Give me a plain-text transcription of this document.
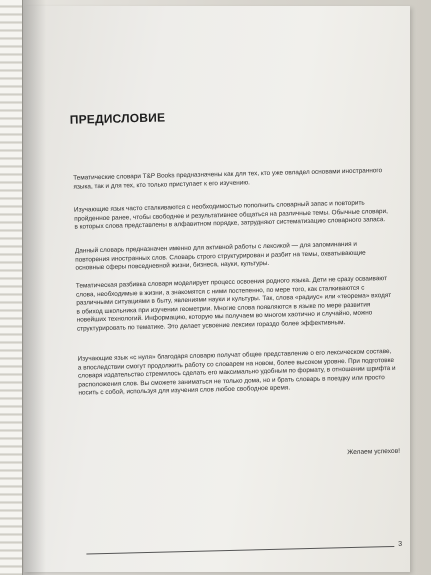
ПРЕДИСЛОВИЕ

Тематические словари T&P Books предназначены как для тех, кто уже овладел основами иностранного языка, так и для тех, кто только приступает к его изучению.

Изучающие язык часто сталкиваются с необходимостью пополнить словарный запас и повторить пройденное ранее, чтобы свободнее и результативнее общаться на различные темы. Обычные словари, в которых слова представлены в алфавитном порядке, затрудняют систематизацию словарного запаса.

Данный словарь предназначен именно для активной работы с лексикой — для запоминания и повторения иностранных слов. Словарь строго структурирован и разбит на темы, охватывающие основные сферы повседневной жизни, бизнеса, науки, культуры.

Тематическая разбивка словаря моделирует процесс освоения родного языка. Дети не сразу осваивают слова, необходимые в жизни, а знакомятся с ними постепенно, по мере того, как сталкиваются с различными ситуациями в быту, явлениями науки и культуры. Так, слова «радиус» или «теорема» входят в обиход школьника при изучении геометрии. Многие слова появляются в языке по мере развития новейших технологий. Информацию, которую мы получаем во многом хаотично и случайно, можно структурировать по тематике. Это делает усвоение лексики гораздо более эффективным.

Изучающие язык «с нуля» благодаря словарю получат общее представление о его лексическом составе, а впоследствии смогут продолжить работу со словарем на новом, более высоком уровне. При подготовке словаря издательство стремилось сделать его максимально удобным по формату, в отношении шрифта и расположения слов. Вы сможете заниматься не только дома, но и брать словарь в поездку или просто носить с собой, используя для изучения слов любое свободное время.

Желаем успехов!

3
